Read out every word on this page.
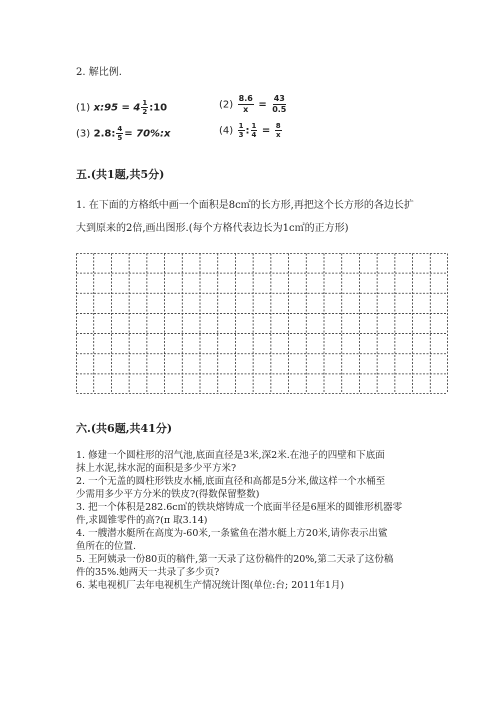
2. 解比例.
(1) x:95 = $4 \frac{1}{2}$ :10	$(2) \frac{8.6}{x} = \frac{43}{0.5}$
(3) 2.8: $\frac{4}{5}$ = 70%:x	$(4) \frac{1}{3}$ : $\frac{1}{4} = \frac{8}{x}$
五.(共1题,共5分)
1. 在下面的方格纸中画一个面积是8c㎡的长方形,再把这个长方形的各边长扩
大到原来的2倍,画出图形.(每个方格代表边长为1c㎡的正方形)
六.(共6题,共41分)
1. 修建一个圆柱形的沼气池,底面直径是3米,深2米.在池子的四壁和下底面
抹上水泥,抹水泥的面积是多少平方米?
2. 一个无盖的圆柱形铁皮水桶,底面直径和高都是5分米,做这样一个水桶至
少需用多少平方分米的铁皮?(得数保留整数)
3. 把一个体积是282.6c㎥的铁块熔铸成一个底面半径是6厘米的圆锥形机器零
件,求圆锥零件的高?(π 取3.14)
4. 一艘潜水艇所在高度为-60米,一条鲨鱼在潜水艇上方20米,请你表示出鲨
鱼所在的位置.
5. 王阿姨录一份80页的稿件,第一天录了这份稿件的20%,第二天录了这份稿
件的35%.她两天一共录了多少页?
6. 某电视机厂去年电视机生产情况统计图(单位:台; 2011年1月)
